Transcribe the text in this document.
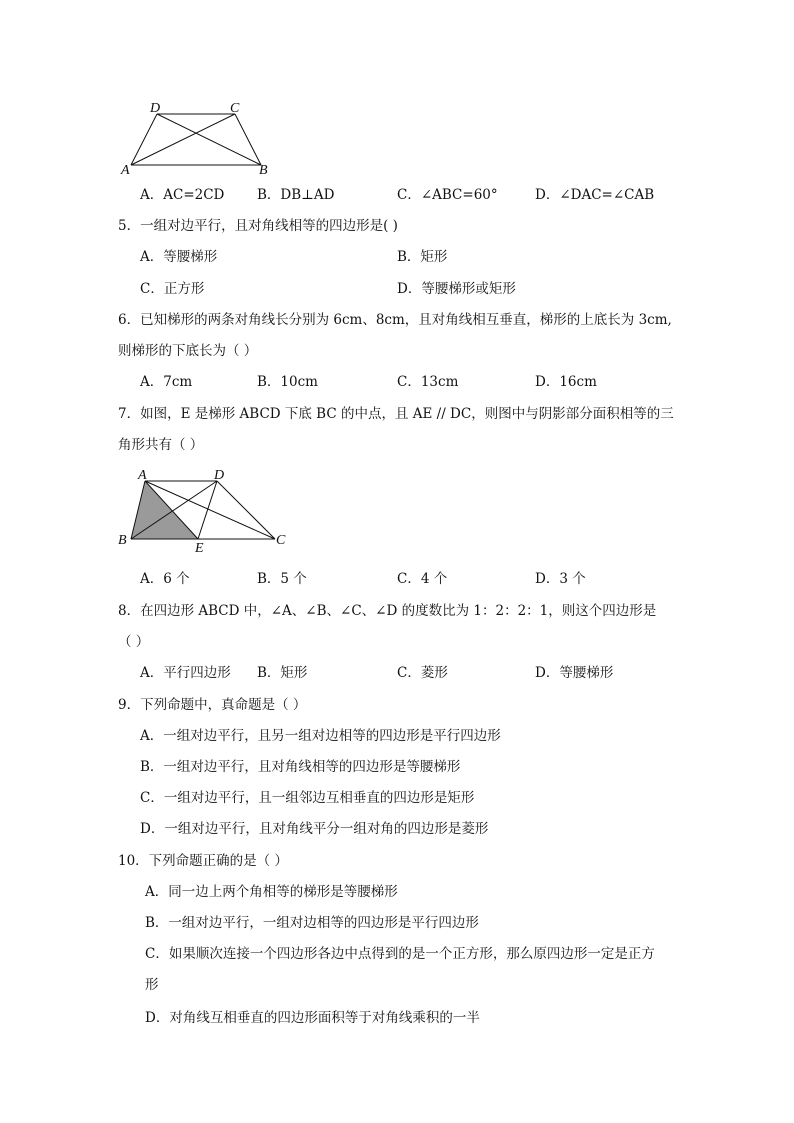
D	C
A	B
A．AC=2CD B．DB⊥AD	C．∠ABC=60°	D．∠DAC=∠CAB
5．一组对边平行，且对角线相等的四边形是( )
A．等腰梯形	B．矩形
C．正方形	D．等腰梯形或矩形
6．已知梯形的两条对角线长分别为 6cm、8cm，且对角线相互垂直，梯形的上底长为 3cm,
则梯形的下底长为（ ）
A．7cm	B．10cm	C．13cm	D．16cm
7．如图，E 是梯形 ABCD 下底 BC 的中点，且 AE // DC，则图中与阴影部分面积相等的三
角形共有（ ）
A	D
B
E
C
A．6 个	B．5 个	C．4 个	D．3 个
8．在四边形 ABCD 中，∠A、∠B、∠C、∠D 的度数比为 1：2：2：1，则这个四边形是
（ ）
A．平行四边形 B．矩形	C．菱形	D．等腰梯形
9．下列命题中，真命题是（ ）
A．一组对边平行，且另一组对边相等的四边形是平行四边形
B．一组对边平行，且对角线相等的四边形是等腰梯形
C．一组对边平行，且一组邻边互相垂直的四边形是矩形
D．一组对边平行，且对角线平分一组对角的四边形是菱形
10．下列命题正确的是（ ）
A．同一边上两个角相等的梯形是等腰梯形
B．一组对边平行，一组对边相等的四边形是平行四边形
C．如果顺次连接一个四边形各边中点得到的是一个正方形，那么原四边形一定是正方
形
D．对角线互相垂直的四边形面积等于对角线乘积的一半
